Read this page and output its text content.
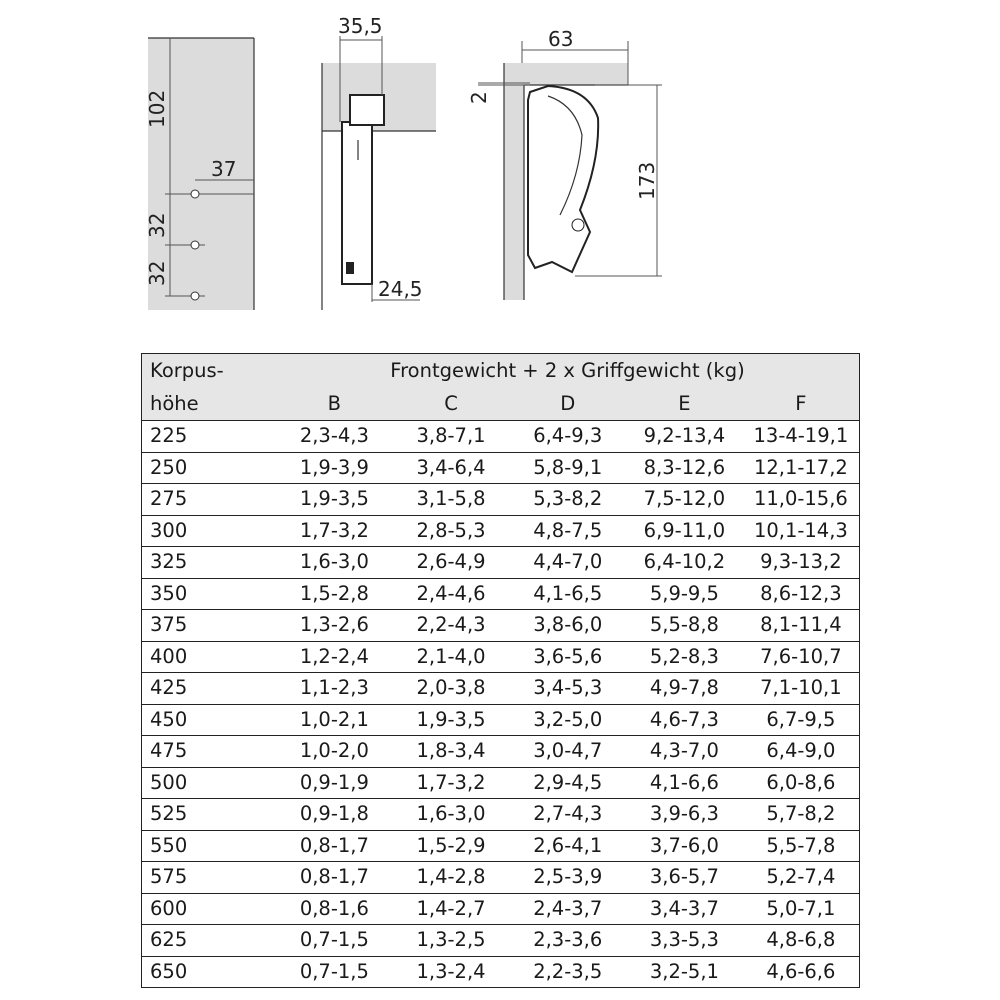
102
37
32
32
35,5
24,5
63
2
173
Korpus-	Frontgewicht + 2 x Griffgewicht (kg)				
höhe	B	C	D	E	F
225	2,3-4,3	3,8-7,1	6,4-9,3	9,2-13,4	13-4-19,1
250	1,9-3,9	3,4-6,4	5,8-9,1	8,3-12,6	12,1-17,2
275	1,9-3,5	3,1-5,8	5,3-8,2	7,5-12,0	11,0-15,6
300	1,7-3,2	2,8-5,3	4,8-7,5	6,9-11,0	10,1-14,3
325	1,6-3,0	2,6-4,9	4,4-7,0	6,4-10,2	9,3-13,2
350	1,5-2,8	2,4-4,6	4,1-6,5	5,9-9,5	8,6-12,3
375	1,3-2,6	2,2-4,3	3,8-6,0	5,5-8,8	8,1-11,4
400	1,2-2,4	2,1-4,0	3,6-5,6	5,2-8,3	7,6-10,7
425	1,1-2,3	2,0-3,8	3,4-5,3	4,9-7,8	7,1-10,1
450	1,0-2,1	1,9-3,5	3,2-5,0	4,6-7,3	6,7-9,5
475	1,0-2,0	1,8-3,4	3,0-4,7	4,3-7,0	6,4-9,0
500	0,9-1,9	1,7-3,2	2,9-4,5	4,1-6,6	6,0-8,6
525	0,9-1,8	1,6-3,0	2,7-4,3	3,9-6,3	5,7-8,2
550	0,8-1,7	1,5-2,9	2,6-4,1	3,7-6,0	5,5-7,8
575	0,8-1,7	1,4-2,8	2,5-3,9	3,6-5,7	5,2-7,4
600	0,8-1,6	1,4-2,7	2,4-3,7	3,4-3,7	5,0-7,1
625	0,7-1,5	1,3-2,5	2,3-3,6	3,3-5,3	4,8-6,8
650	0,7-1,5	1,3-2,4	2,2-3,5	3,2-5,1	4,6-6,6
